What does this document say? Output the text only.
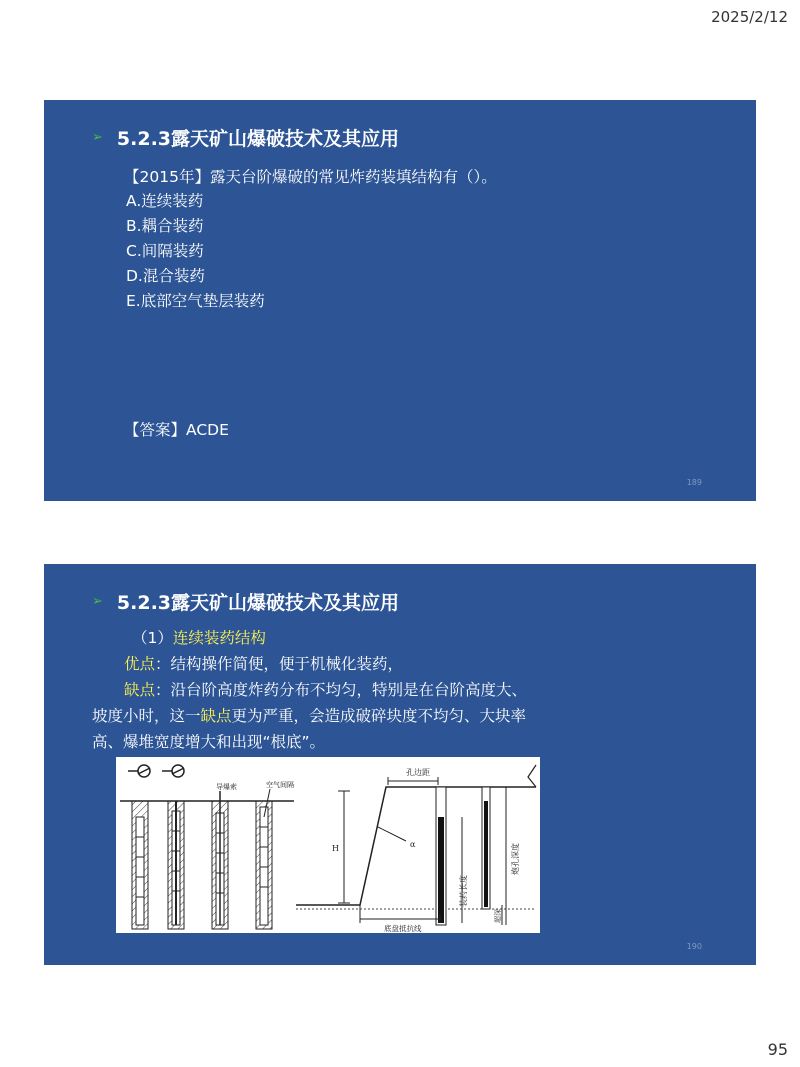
2025/2/12
➢ 5.2.3露天矿山爆破技术及其应用
【2015年】露天台阶爆破的常见炸药装填结构有（）。
A.连续装药
B.耦合装药
C.间隔装药
D.混合装药
E.底部空气垫层装药
【答案】ACDE
189
➢ 5.2.3露天矿山爆破技术及其应用
（1）连续装药结构
优点：结构操作简便，便于机械化装药，
缺点：沿台阶高度炸药分布不均匀，特别是在台阶高度大、
坡度小时，这一缺点更为严重，会造成破碎块度不均匀、大块率
高、爆堆宽度增大和出现“根底”。
导爆索	空气间隔
孔边距
H	α
底盘抵抗线
装药长度
炮孔深度
超深
190
95
